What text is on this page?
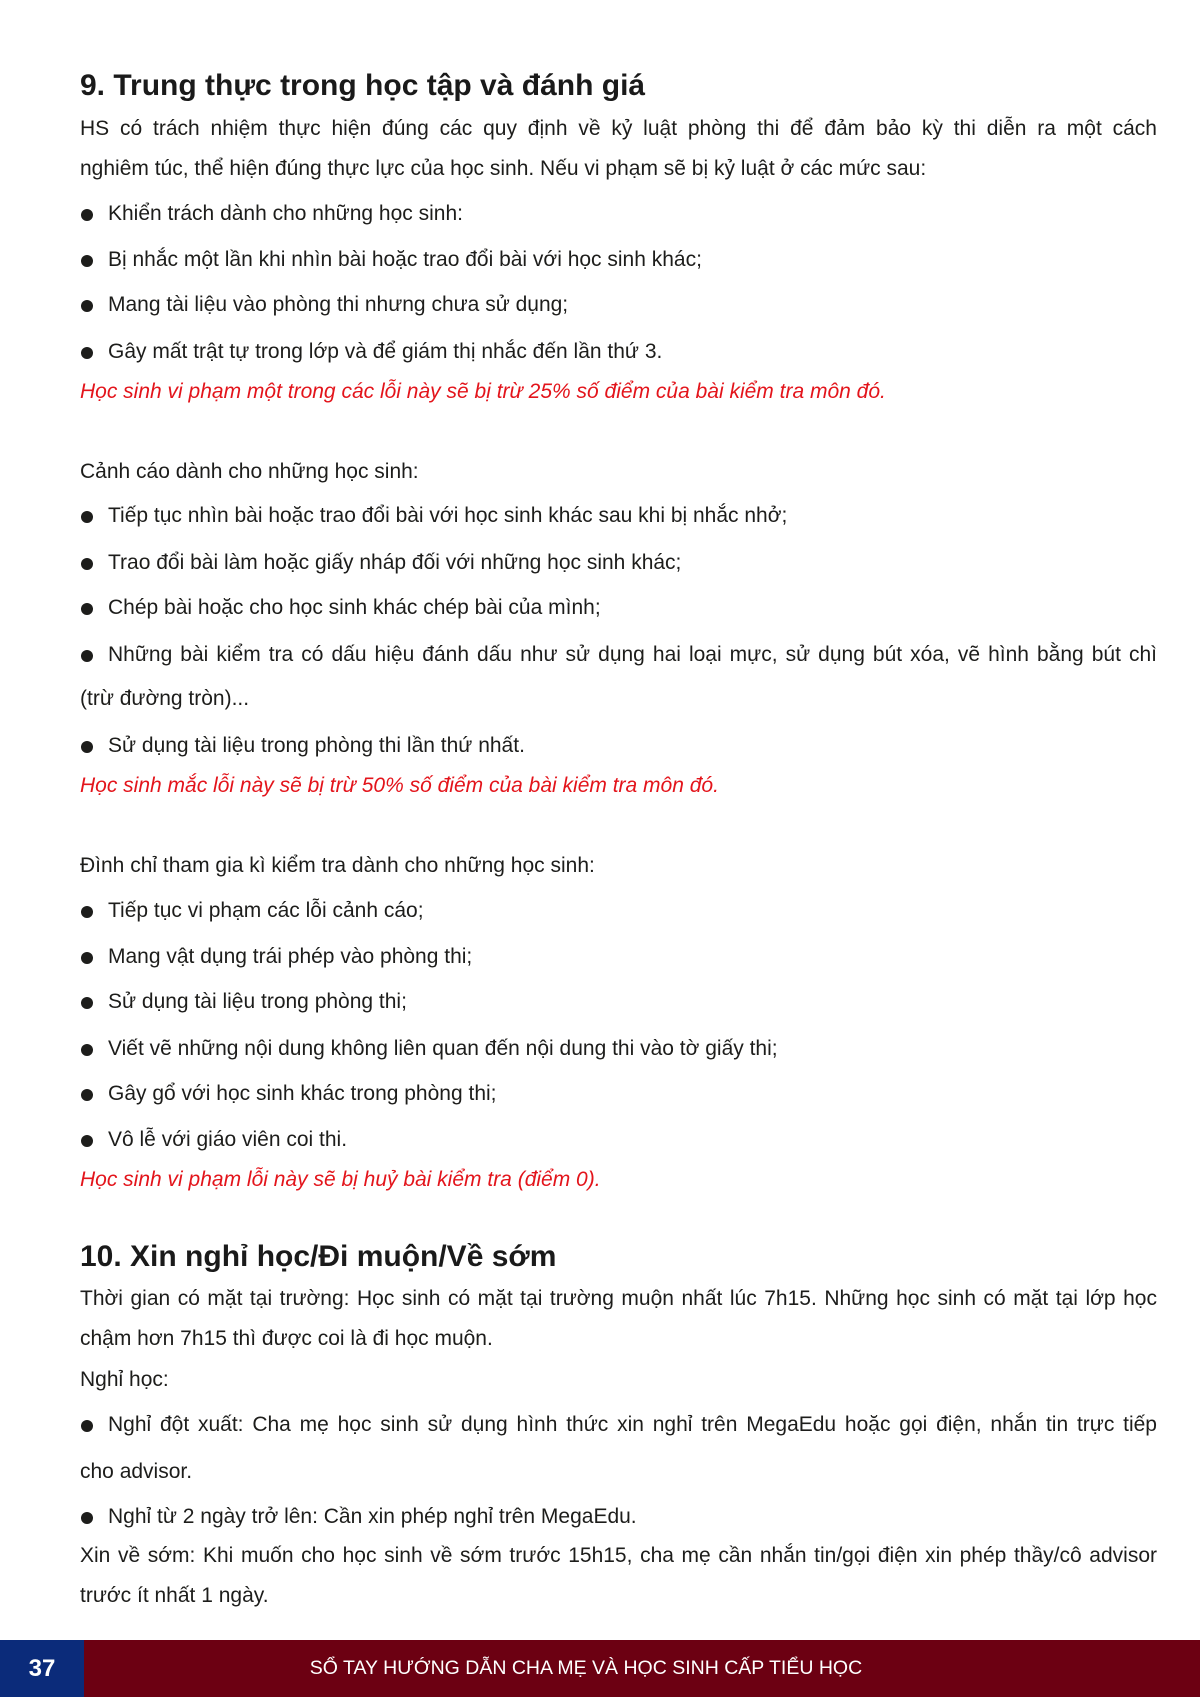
9. Trung thực trong học tập và đánh giá
HS có trách nhiệm thực hiện đúng các quy định về kỷ luật phòng thi để đảm bảo kỳ thi diễn ra một cách
nghiêm túc, thể hiện đúng thực lực của học sinh. Nếu vi phạm sẽ bị kỷ luật ở các mức sau:
Khiển trách dành cho những học sinh:
Bị nhắc một lần khi nhìn bài hoặc trao đổi bài với học sinh khác;
Mang tài liệu vào phòng thi nhưng chưa sử dụng;
Gây mất trật tự trong lớp và để giám thị nhắc đến lần thứ 3.
Học sinh vi phạm một trong các lỗi này sẽ bị trừ 25% số điểm của bài kiểm tra môn đó.
Cảnh cáo dành cho những học sinh:
Tiếp tục nhìn bài hoặc trao đổi bài với học sinh khác sau khi bị nhắc nhở;
Trao đổi bài làm hoặc giấy nháp đối với những học sinh khác;
Chép bài hoặc cho học sinh khác chép bài của mình;
Những bài kiểm tra có dấu hiệu đánh dấu như sử dụng hai loại mực, sử dụng bút xóa, vẽ hình bằng bút chì
(trừ đường tròn)...
Sử dụng tài liệu trong phòng thi lần thứ nhất.
Học sinh mắc lỗi này sẽ bị trừ 50% số điểm của bài kiểm tra môn đó.
Đình chỉ tham gia kì kiểm tra dành cho những học sinh:
Tiếp tục vi phạm các lỗi cảnh cáo;
Mang vật dụng trái phép vào phòng thi;
Sử dụng tài liệu trong phòng thi;
Viết vẽ những nội dung không liên quan đến nội dung thi vào tờ giấy thi;
Gây gổ với học sinh khác trong phòng thi;
Vô lễ với giáo viên coi thi.
Học sinh vi phạm lỗi này sẽ bị huỷ bài kiểm tra (điểm 0).
10. Xin nghỉ học/Đi muộn/Về sớm
Thời gian có mặt tại trường: Học sinh có mặt tại trường muộn nhất lúc 7h15. Những học sinh có mặt tại lớp học
chậm hơn 7h15 thì được coi là đi học muộn.
Nghỉ học:
Nghỉ đột xuất: Cha mẹ học sinh sử dụng hình thức xin nghỉ trên MegaEdu hoặc gọi điện, nhắn tin trực tiếp
cho advisor.
Nghỉ từ 2 ngày trở lên: Cần xin phép nghỉ trên MegaEdu.
Xin về sớm: Khi muốn cho học sinh về sớm trước 15h15, cha mẹ cần nhắn tin/gọi điện xin phép thầy/cô advisor
trước ít nhất 1 ngày.
37	SỔ TAY HƯỚNG DẪN CHA MẸ VÀ HỌC SINH CẤP TIỂU HỌC
